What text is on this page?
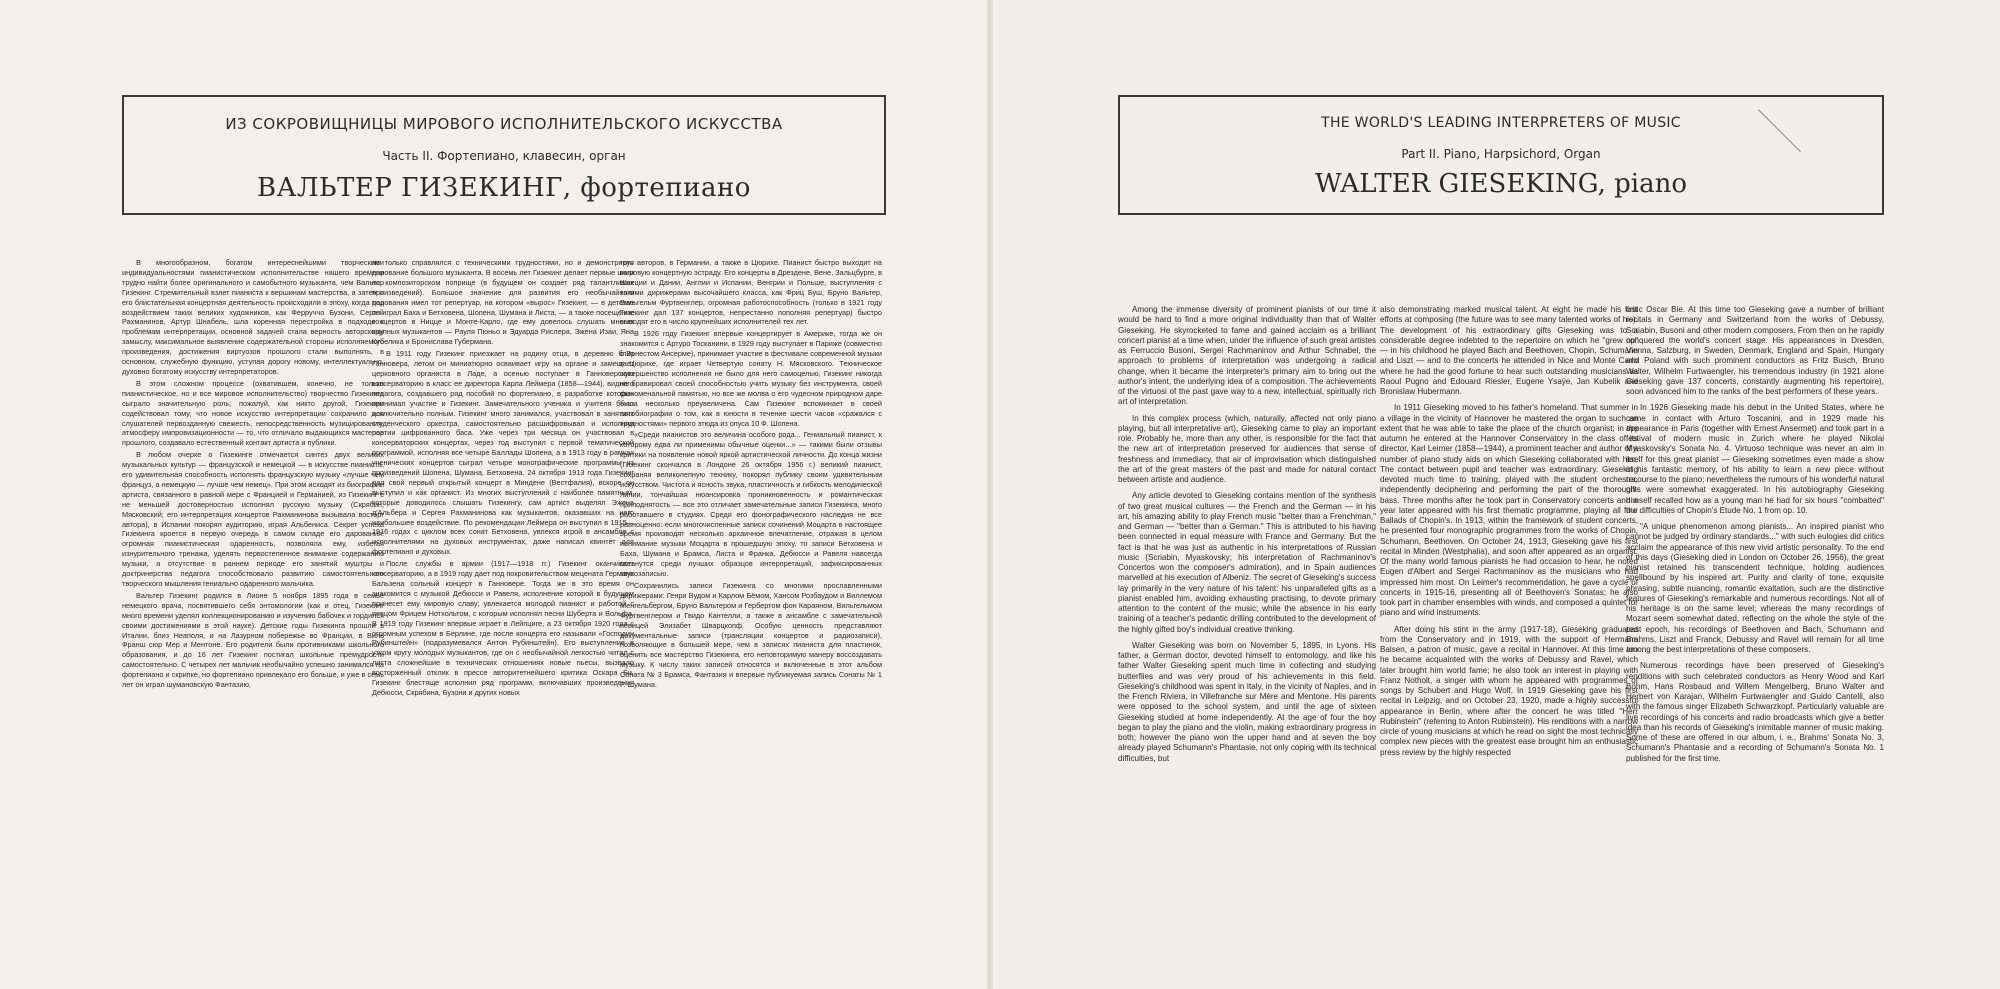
ИЗ СОКРОВИЩНИЦЫ МИРОВОГО ИСПОЛНИТЕЛЬСКОГО ИСКУССТВА
Часть II. Фортепиано, клавесин, орган
ВАЛЬТЕР ГИЗЕКИНГ, фортепиано
THE WORLD'S LEADING INTERPRETERS OF MUSIC
Part II. Piano, Harpsichord, Organ
WALTER GIESEKING, piano

В многообразном, богатом интереснейшими творческими индивидуальностями пианистическом исполнительстве нашего времени трудно найти более оригинального и самобытного музыканта, чем Вальтер Гизекинг. Стремительный взлет пианиста к вершинам мастерства, а затем и его блистательная концертная деятельность происходили в эпоху, когда под воздействием таких великих художников, как Ферруччо Бузони, Сергей Рахманинов, Артур Шнабель, шла коренная перестройка в подходе к проблемам интерпретации, основной задачей стала верность авторскому замыслу, максимальное выявление содержательной стороны исполняемого произведения, достижения виртуозов прошлого стали выполнять, в основном, служебную функцию, уступая дорогу новому, интеллектуально, духовно богатому искусству интерпретаторов.

В этом сложном процессе (охватившем, конечно, не только пианистическое, но и все мировое исполнительство) творчество Гизекинга сыграло значительную роль; пожалуй, как никто другой, Гизекинг содействовал тому, что новое искусство интерпретации сохранило для слушателей первозданную свежесть, непосредственность музицирования, атмосферу импровизационности — то, что отличало выдающихся мастеров прошлого, создавало естественный контакт артиста и публики.

В любом очерке о Гизекинге отмечается синтез двух великих музыкальных культур — французской и немецкой — в искусстве пианиста, его удивительная способность исполнять французскую музыку «лучше чем француз, а немецкую — лучше чем немец». При этом исходят из биографии артиста, связанного в равной мере с Францией и Германией, из Гизекинг с не меньшей достоверностью исполнял русскую музыку (Скрябин, Мясковский; его интерпретация концертов Рахманинова вызывала восторг автора), в Испании покорял аудиторию, играя Альбениса. Секрет успеха Гизекинга кроется в первую очередь в самом складе его дарования: огромная пианистическая одаренность, позволяла ему, избегая изнурительного тренажа, уделять первостепенное внимание содержанию музыки, а отсутствие в раннем периоде его занятий муштры и доктринерства педагога способствовало развитию самостоятельного творческого мышления гениально одаренного мальчика.

Вальтер Гизекинг родился в Лионе 5 ноября 1895 года в семье немецкого врача, посвятившего себя энтомологии (как и отец, Гизекинг много времени уделял коллекционированию и изучению бабочек и гордился своими достижениями в этой науке). Детские годы Гизекинга прошли в Италии, близ Неаполя, и на Лазурном побережье во Франции, в Виль Франш сюр Мер и Ментоне. Его родители были противниками школьного образования, и до 16 лет Гизекинг постигал школьные премудрости самостоятельно. С четырех лет мальчик необычайно успешно занимался на фортепиано и скрипке, но фортепиано привлекало его больше, и уже в семь лет он играл шумановскую Фантазию,

не только справлялся с техническими трудностями, но и демонстрируя дарование большого музыканта. В восемь лет Гизекинг делает первые шаги на композиторском поприще (в будущем он создает ряд талантливых произведений). Большое значение для развития его необычайного дарования имел тот репертуар, на котором «вырос» Гизекинг, — в детстве он играл Баха и Бетховена, Шопена, Шумана и Листа, — а также посещение концертов в Ницце и Монте-Карло, где ему довелось слушать многих крупных музыкантов — Рауля Пюньо и Эдуарда Рислера, Эжена Изаи, Яна Кубелика и Бронислава Губермана.

В 1911 году Гизекинг приезжает на родину отца, в деревню близ Ганновера, летом он миниатюрно осваивает игру на органе и замещает церковного органиста в Ладе, а осенью поступает в Ганноверскую консерваторию в класс ее директора Карла Леймера (1858—1944), видного педагога, создавшего ряд пособий по фортепиано, в разработке которых принимал участие и Гизекинг. Замечательного ученика и учителя было исключительно полным. Гизекинг много занимался, участвовал в занятиях студенческого оркестра, самостоятельно расшифровывал и исполнял партии цифрованного баса. Уже через три месяца он участвовал в консерваторских концертах, через год выступил с первой тематической программой, исполняя все четыре Баллады Шопена, а в 1913 году в рамках ученических концертов сыграл четыре монографические программы из произведений Шопена, Шумана, Бетховена. 24 октября 1913 года Гизекинг дал свой первый открытый концерт в Миндене (Вестфалия), вскоре он выступил и как органист. Из многих выступлений с наиболее памятным, которые доводилось слышать Гизекингу, сам артист выделял Эжена д'Альбера и Сергея Рахманинова как музыкантов, оказавших на него наибольшее воздействие. По рекомендации Леймера он выступил в 1915—1916 годах с циклом всех сонат Бетховена, увлекся игрой в ансамбле с исполнителями на духовых инструментах, даже написал квинтет для фортепиано и духовых.

После службы в армии (1917—1918 гг.) Гизекинг оканчивает консерваторию, а в 1919 году дает под покровительством мецената Германа Бальзена сольный концерт в Ганновере. Тогда же в это время он знакомится с музыкой Дебюсси и Равеля, исполнение которой в будущем принесет ему мировую славу; увлекается молодой пианист и работой с певцом Фрицем Нотхольтом, с которым исполнял песни Шуберта и Вольфа. В 1919 году Гизекинг впервые играет в Лейпциге, а 23 октября 1920 года с огромным успехом в Берлине, где после концерта его называли «Господин Рубинштейн» (подразумевался Антон Рубинштейн). Его выступление в узком кругу молодых музыкантов, где он с необычайной легкостью читал с листа сложнейшие в технических отношениях новые пьесы, вызвало восторженный отклик в прессе авторитетнейшего критика Оскара Би. Гизекинг блестяще исполнил ряд программ, включавших произведения Дебюсси, Скрябина, Бузони и других новых

того авторов, в Германии, а также в Цюрихе. Пианист быстро выходит на мировую концертную эстраду. Его концерты в Дрездене, Вене, Зальцбурге, в Швеции и Дании, Англии и Испании, Венгрии и Польше, выступления с такими дирижерами высочайшего класса, как Фриц Буш, Бруно Вальтер, Вильгельм Фуртвенглер, огромная работоспособность (только в 1921 году Гизекинг дал 137 концертов, непрестанно пополняя репертуар) быстро выводят его в число крупнейших исполнителей тех лет.

В 1926 году Гизекинг впервые концертирует в Америке, тогда же он знакомится с Артуро Тосканини, в 1929 году выступает в Париже (совместно с Эрнестом Ансерме), принимает участие в фестивале современной музыки в Цюрихе, где играет Четвертую сонату Н. Мясковского. Техническое совершенство исполнения не было для него самоцелью, Гизекинг никогда не бравировал своей способностью учить музыку без инструмента, своей феноменальной памятью, но все же молва о его чудесном природном даре была несколько преувеличена. Сам Гизекинг вспоминает в своей автобиографии о том, как в юности в течение шести часов «сражался с трудностями» первого этюда из опуса 10 Ф. Шопена.

«Среди пианистов это величина особого рода... Гениальный пианист, к которому едва ли применимы обычные оценки...» — такими были отзывы критики на появление новой яркой артистической личности. До конца жизни (Гизекинг скончался в Лондоне 26 октября 1956 г.) великий пианист, сохраняя великолепную технику, покорял публику своим удивительным искусством. Чистота и ясность звука, пластичность и гибкость мелодической линии, тончайшая нюансировка проникновенность и романтическая приподнятость — все это отличает замечательные записи Гизекинга, много работавшего в студиях. Среди его фонографического наследия не все равноценно: если многочисленные записи сочинений Моцарта в настоящее время производят несколько архаичное впечатление, отражая в целом понимание музыки Моцарта в прошедшую эпоху, то записи Бетховена и Баха, Шумана и Брамса, Листа и Франка, Дебюсси и Равеля навсегда останутся среди лучших образцов интерпретаций, зафиксированных звукозаписью.

Сохранились записи Гизекинга со многими прославленными дирижерами: Генри Вудом и Карлом Бёмом, Хансом Розбаудом и Виллемом Менгельбергом, Бруно Вальтером и Гербертом фон Караяном, Вильгельмом Фуртвенглером и Гвидо Кантелли, а также в ансамбле с замечательной певицей Элизабет Шварцкопф. Особую ценность представляют документальные записи (трансляции концертов и радиозаписи), позволяющие в большей мере, чем в записях пианиста для пластинок, оценить все мастерство Гизекинга, его неповторимую манеру воссоздавать музыку. К числу таких записей относятся и включенные в этот альбом Соната № 3 Брамса, Фантазия и впервые публикуемая запись Сонаты № 1 Р. Шумана.

Among the immense diversity of prominent pianists of our time it would be hard to find a more original individuality than that of Walter Gieseking. He skyrocketed to fame and gained acclaim as a brilliant concert pianist at a time when, under the influence of such great artistes as Ferruccio Busoni, Sergei Rachmaninov and Arthur Schnabel, the approach to problems of interpretation was undergoing a radical change, when it became the interpreter's primary aim to bring out the author's intent, the underlying idea of a composition. The achievements of the virtuosi of the past gave way to a new, intellectual, spiritually rich art of interpretation.

In this complex process (which, naturally, affected not only piano playing, but all interpretative art), Gieseking came to play an important role. Probably he, more than any other, is responsible for the fact that the new art of interpretation preserved for audiences that sense of freshness and immediacy, that air of improvisation which distinguished the art of the great masters of the past and made for natural contact between artiste and audience.

Any article devoted to Gieseking contains mention of the synthesis of two great musical cultures — the French and the German — in his art, his amazing ability to play French music "better than a Frenchman," and German — "better than a German." This is attributed to his having been connected in equal measure with France and Germany. But the fact is that he was just as authentic in his interpretations of Russian music (Scriabin, Myaskovsky; his interpretation of Rachmaninov's Concertos won the composer's admiration), and in Spain audiences marvelled at his execution of Albeniz. The secret of Gieseking's success lay primarily in the very nature of his talent: his unparalleled gifts as a pianist enabled him, avoiding exhausting practising, to devote primary attention to the content of the music; while the absence in his early training of a teacher's pedantic drilling contributed to the development of the highly gifted boy's individual creative thinking.

Walter Gieseking was born on November 5, 1895, in Lyons. His father, a German doctor, devoted himself to entomology, and like his father Walter Gieseking spent much time in collecting and studying butterflies and was very proud of his achievements in this field. Gieseking's childhood was spent in Italy, in the vicinity of Naples, and in the French Riviera, in Villefranche sur Mère and Mentone. His parents were opposed to the school system, and until the age of sixteen Gieseking studied at home independently. At the age of four the boy began to play the piano and the violin, making extraordinary progress in both; however the piano won the upper hand and at seven the boy already played Schumann's Phantasie, not only coping with its technical difficulties, but

also demonstrating marked musical talent. At eight he made his first efforts at composing (the future was to see many talented works of his). The development of his extraordinary gifts Gieseking was to a considerable degree indebted to the repertoire on which he "grew up" — in his childhood he played Bach and Beethoven, Chopin, Schumann and Liszt — and to the concerts he attended in Nice and Monte Carlo where he had the good fortune to hear such outstanding musicians as Raoul Pugno and Edouard Riesler, Eugene Ysaÿe, Jan Kubelik and Bronislaw Hubermann.

In 1911 Gieseking moved to his father's homeland. That summer in a village in the vicinity of Hannover he mastered the organ to such an extent that he was able to take the place of the church organist; in the autumn he entered at the Hannover Conservatory in the class of its director, Karl Leimer (1858—1944), a prominent teacher and author of a number of piano study aids on which Gieseking collaborated with him. The contact between pupil and teacher was extraordinary. Gieseking devoted much time to training, played with the student orchestra, independently deciphering and performing the part of the thorough-bass. Three months after he took part in Conservatory concerts and a year later appeared with his first thematic programme, playing all four Ballads of Chopin's. In 1913, within the framework of student concerts, he presented four monographic programmes from the works of Chopin, Schumann, Beethoven. On October 24, 1913, Gieseking gave his first recital in Minden (Westphalia), and soon after appeared as an organist. Of the many world famous pianists he had occasion to hear, he noted Eugen d'Albert and Sergei Rachmaninov as the musicians who had impressed him most. On Leimer's recommendation, he gave a cycle of concerts in 1915-16, presenting all of Beethoven's Sonatas; he also took part in chamber ensembles with winds, and composed a quintet for piano and wind instruments.

After doing his stint in the army (1917-18), Gieseking graduated from the Conservatory and in 1919, with the support of Hermann Balsen, a patron of music, gave a recital in Hannover. At this time too he became acquainted with the works of Debussy and Ravel, which later brought him world fame; he also took an interest in playing with Franz Notholt, a singer with whom he appeared with programmes of songs by Schubert and Hugo Wolf. In 1919 Gieseking gave his first recital in Leipzig, and on October 23, 1920, made a highly successful appearance in Berlin, where after the concert he was titled "Herr Rubinstein" (referring to Anton Rubinstein). His renditions with a narrow circle of young musicians at which he read on sight the most technically complex new pieces with the greatest ease brought him an enthusiastic press review by the highly respected

critic Oscar Bie. At this time too Gieseking gave a number of brilliant recitals in Germany and Switzerland from the works of Debussy, Scriabin, Busoni and other modern composers. From then on he rapidly conquered the world's concert stage. His appearances in Dresden, Vienna, Salzburg, in Sweden, Denmark, England and Spain, Hungary and Poland with such prominent conductors as Fritz Busch, Bruno Walter, Wilhelm Furtwaengler, his tremendous industry (in 1921 alone Gieseking gave 137 concerts, constantly augmenting his repertoire), soon advanced him to the ranks of the best performers of these years.

In 1926 Gieseking made his debut in the United States, where he came in contact with Arturo Toscanini, and in 1929 made his appearance in Paris (together with Ernest Ansermet) and took part in a festival of modern music in Zurich where he played Nikolai Myaskovsky's Sonata No. 4. Virtuoso technique was never an aim in itself for this great pianist — Gieseking sometimes even made a show of his fantastic memory, of his ability to learn a new piece without recourse to the piano; nevertheless the rumours of his wonderful natural gifts were somewhat exaggerated. In his autobiography Gieseking himself recalled how as a young man he had for six hours "combatted" the difficulties of Chopin's Etude No. 1 from op. 10.

"A unique phenomenon among pianists... An inspired pianist who cannot be judged by ordinary standards..." with such eulogies did critics acclaim the appearance of this new vivid artistic personality. To the end of this days (Gieseking died in London on October 26, 1956), the great pianist retained his transcendent technique, holding audiences spellbound by his inspired art. Purity and clarity of tone, exquisite phrasing, subtle nuancing, romantic exaltation, such are the distinctive features of Gieseking's remarkable and numerous recordings. Not all of his heritage is on the same level; whereas the many recordings of Mozart seem somewhat dated, reflecting on the whole the style of the past epoch, his recordings of Beethoven and Bach, Schumann and Brahms, Liszt and Franck, Debussy and Ravel will remain for all time among the best interpretations of these composers.

Numerous recordings have been preserved of Gieseking's renditions with such celebrated conductors as Henry Wood and Karl Böhm, Hans Rosbaud and Willem Mengelberg, Bruno Walter and Herbert von Karajan, Wilhelm Furtwaengler and Guido Cantelli, also with the famous singer Elizabeth Schwarzkopf. Particularly valuable are live recordings of his concerts and radio broadcasts which give a better idea than his records of Gieseking's inimitable manner of music making. Some of these are offered in our album, i. e., Brahms' Sonata No. 3, Schumann's Phantasie and a recording of Schumann's Sonata No. 1 published for the first time.
